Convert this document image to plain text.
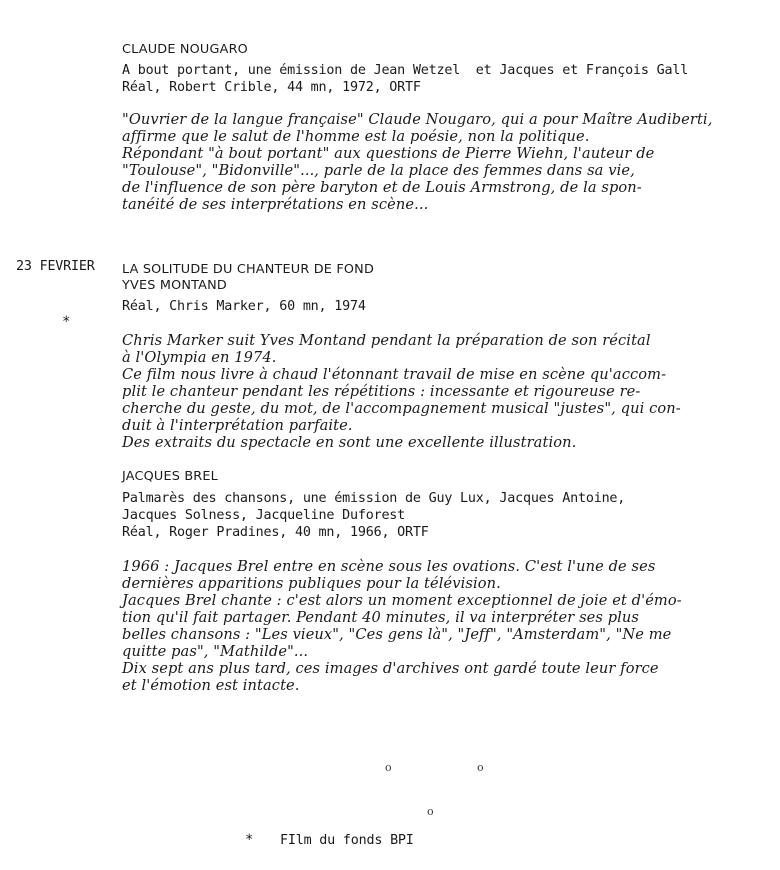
CLAUDE NOUGARO
A bout portant, une émission de Jean Wetzel  et Jacques et François Gall
Réal, Robert Crible, 44 mn, 1972, ORTF
"Ouvrier de la langue française" Claude Nougaro, qui a pour Maître Audiberti,
affirme que le salut de l'homme est la poésie, non la politique.
Répondant "à bout portant" aux questions de Pierre Wiehn, l'auteur de
"Toulouse", "Bidonville"..., parle de la place des femmes dans sa vie,
de l'influence de son père baryton et de Louis Armstrong, de la spon-
tanéité de ses interprétations en scène...
23 FEVRIER LA SOLITUDE DU CHANTEUR DE FOND
YVES MONTAND
Réal, Chris Marker, 60 mn, 1974
*
Chris Marker suit Yves Montand pendant la préparation de son récital
à l'Olympia en 1974.
Ce film nous livre à chaud l'étonnant travail de mise en scène qu'accom-
plit le chanteur pendant les répétitions : incessante et rigoureuse re-
cherche du geste, du mot, de l'accompagnement musical "justes", qui con-
duit à l'interprétation parfaite.
Des extraits du spectacle en sont une excellente illustration.
JACQUES BREL
Palmarès des chansons, une émission de Guy Lux, Jacques Antoine,
Jacques Solness, Jacqueline Duforest
Réal, Roger Pradines, 40 mn, 1966, ORTF
1966 : Jacques Brel entre en scène sous les ovations. C'est l'une de ses
dernières apparitions publiques pour la télévision.
Jacques Brel chante : c'est alors un moment exceptionnel de joie et d'émo-
tion qu'il fait partager. Pendant 40 minutes, il va interpréter ses plus
belles chansons : "Les vieux", "Ces gens là", "Jeff", "Amsterdam", "Ne me
quitte pas", "Mathilde"...
Dix sept ans plus tard, ces images d'archives ont gardé toute leur force
et l'émotion est intacte.
o	o
o
* FIlm du fonds BPI
